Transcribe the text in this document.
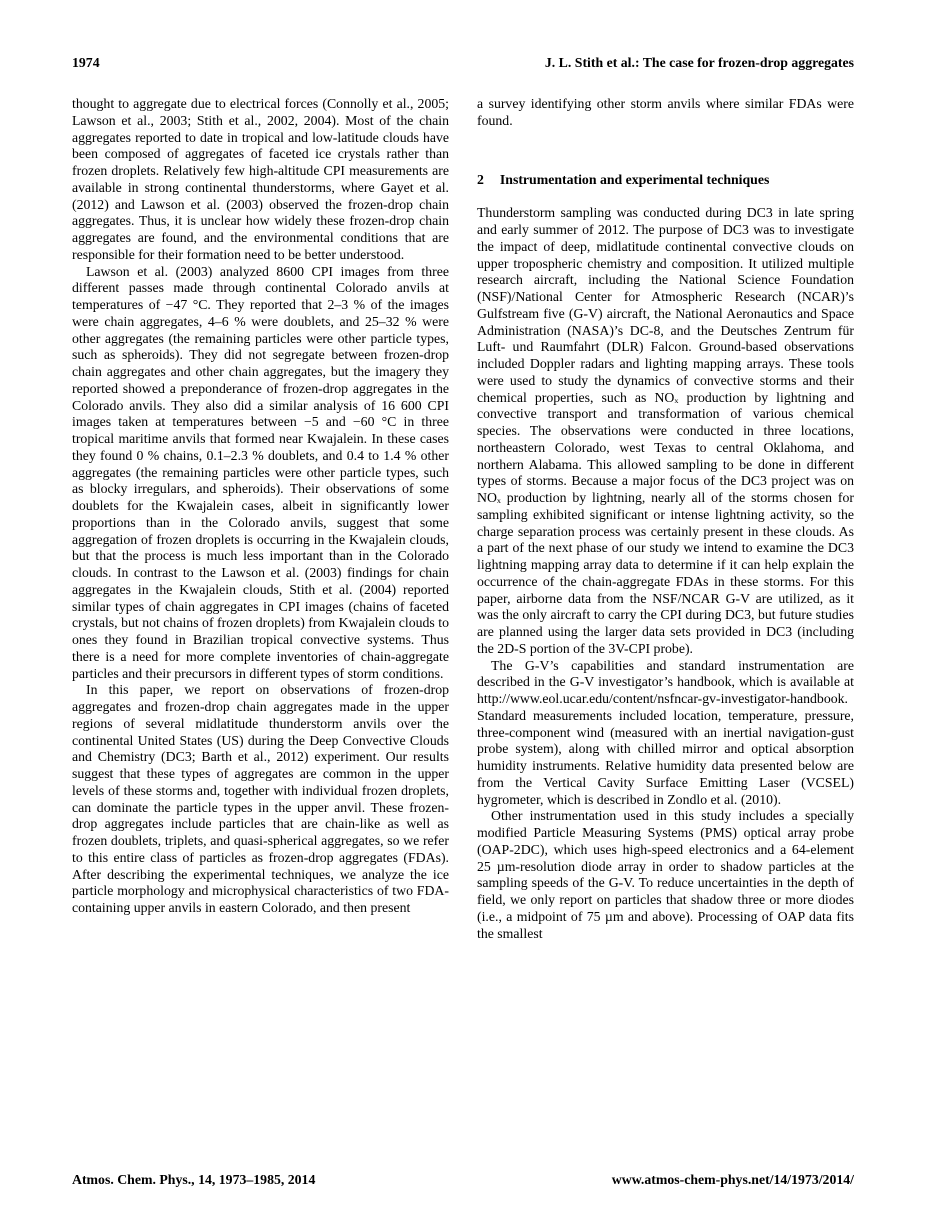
1974	J. L. Stith et al.: The case for frozen-drop aggregates

thought to aggregate due to electrical forces (Connolly et al., 2005; Lawson et al., 2003; Stith et al., 2002, 2004). Most of the chain aggregates reported to date in tropical and low-latitude clouds have been composed of aggregates of faceted ice crystals rather than frozen droplets. Relatively few high-altitude CPI measurements are available in strong continental thunderstorms, where Gayet et al. (2012) and Lawson et al. (2003) observed the frozen-drop chain aggregates. Thus, it is unclear how widely these frozen-drop chain aggregates are found, and the environmental conditions that are responsible for their formation need to be better understood.

Lawson et al. (2003) analyzed 8600 CPI images from three different passes made through continental Colorado anvils at temperatures of −47 °C. They reported that 2–3 % of the images were chain aggregates, 4–6 % were doublets, and 25–32 % were other aggregates (the remaining particles were other particle types, such as spheroids). They did not segregate between frozen-drop chain aggregates and other chain aggregates, but the imagery they reported showed a preponderance of frozen-drop aggregates in the Colorado anvils. They also did a similar analysis of 16 600 CPI images taken at temperatures between −5 and −60 °C in three tropical maritime anvils that formed near Kwajalein. In these cases they found 0 % chains, 0.1–2.3 % doublets, and 0.4 to 1.4 % other aggregates (the remaining particles were other particle types, such as blocky irregulars, and spheroids). Their observations of some doublets for the Kwajalein cases, albeit in significantly lower proportions than in the Colorado anvils, suggest that some aggregation of frozen droplets is occurring in the Kwajalein clouds, but that the process is much less important than in the Colorado clouds. In contrast to the Lawson et al. (2003) findings for chain aggregates in the Kwajalein clouds, Stith et al. (2004) reported similar types of chain aggregates in CPI images (chains of faceted crystals, but not chains of frozen droplets) from Kwajalein clouds to ones they found in Brazilian tropical convective systems. Thus there is a need for more complete inventories of chain-aggregate particles and their precursors in different types of storm conditions.

In this paper, we report on observations of frozen-drop aggregates and frozen-drop chain aggregates made in the upper regions of several midlatitude thunderstorm anvils over the continental United States (US) during the Deep Convective Clouds and Chemistry (DC3; Barth et al., 2012) experiment. Our results suggest that these types of aggregates are common in the upper levels of these storms and, together with individual frozen droplets, can dominate the particle types in the upper anvil. These frozen-drop aggregates include particles that are chain-like as well as frozen doublets, triplets, and quasi-spherical aggregates, so we refer to this entire class of particles as frozen-drop aggregates (FDAs). After describing the experimental techniques, we analyze the ice particle morphology and microphysical characteristics of two FDA-containing upper anvils in eastern Colorado, and then present

a survey identifying other storm anvils where similar FDAs were found.

2 Instrumentation and experimental techniques

Thunderstorm sampling was conducted during DC3 in late spring and early summer of 2012. The purpose of DC3 was to investigate the impact of deep, midlatitude continental convective clouds on upper tropospheric chemistry and composition. It utilized multiple research aircraft, including the National Science Foundation (NSF)/National Center for Atmospheric Research (NCAR)’s Gulfstream five (G-V) aircraft, the National Aeronautics and Space Administration (NASA)’s DC-8, and the Deutsches Zentrum für Luft- und Raumfahrt (DLR) Falcon. Ground-based observations included Doppler radars and lighting mapping arrays. These tools were used to study the dynamics of convective storms and their chemical properties, such as NOₓ production by lightning and convective transport and transformation of various chemical species. The observations were conducted in three locations, northeastern Colorado, west Texas to central Oklahoma, and northern Alabama. This allowed sampling to be done in different types of storms. Because a major focus of the DC3 project was on NOₓ production by lightning, nearly all of the storms chosen for sampling exhibited significant or intense lightning activity, so the charge separation process was certainly present in these clouds. As a part of the next phase of our study we intend to examine the DC3 lightning mapping array data to determine if it can help explain the occurrence of the chain-aggregate FDAs in these storms. For this paper, airborne data from the NSF/NCAR G-V are utilized, as it was the only aircraft to carry the CPI during DC3, but future studies are planned using the larger data sets provided in DC3 (including the 2D-S portion of the 3V-CPI probe).

The G-V’s capabilities and standard instrumentation are described in the G-V investigator’s handbook, which is available at http://www.eol.ucar.edu/content/nsfncar-gv-investigator-handbook. Standard measurements included location, temperature, pressure, three-component wind (measured with an inertial navigation-gust probe system), along with chilled mirror and optical absorption humidity instruments. Relative humidity data presented below are from the Vertical Cavity Surface Emitting Laser (VCSEL) hygrometer, which is described in Zondlo et al. (2010).

Other instrumentation used in this study includes a specially modified Particle Measuring Systems (PMS) optical array probe (OAP-2DC), which uses high-speed electronics and a 64-element 25 µm-resolution diode array in order to shadow particles at the sampling speeds of the G-V. To reduce uncertainties in the depth of field, we only report on particles that shadow three or more diodes (i.e., a midpoint of 75 µm and above). Processing of OAP data fits the smallest

Atmos. Chem. Phys., 14, 1973–1985, 2014	www.atmos-chem-phys.net/14/1973/2014/
